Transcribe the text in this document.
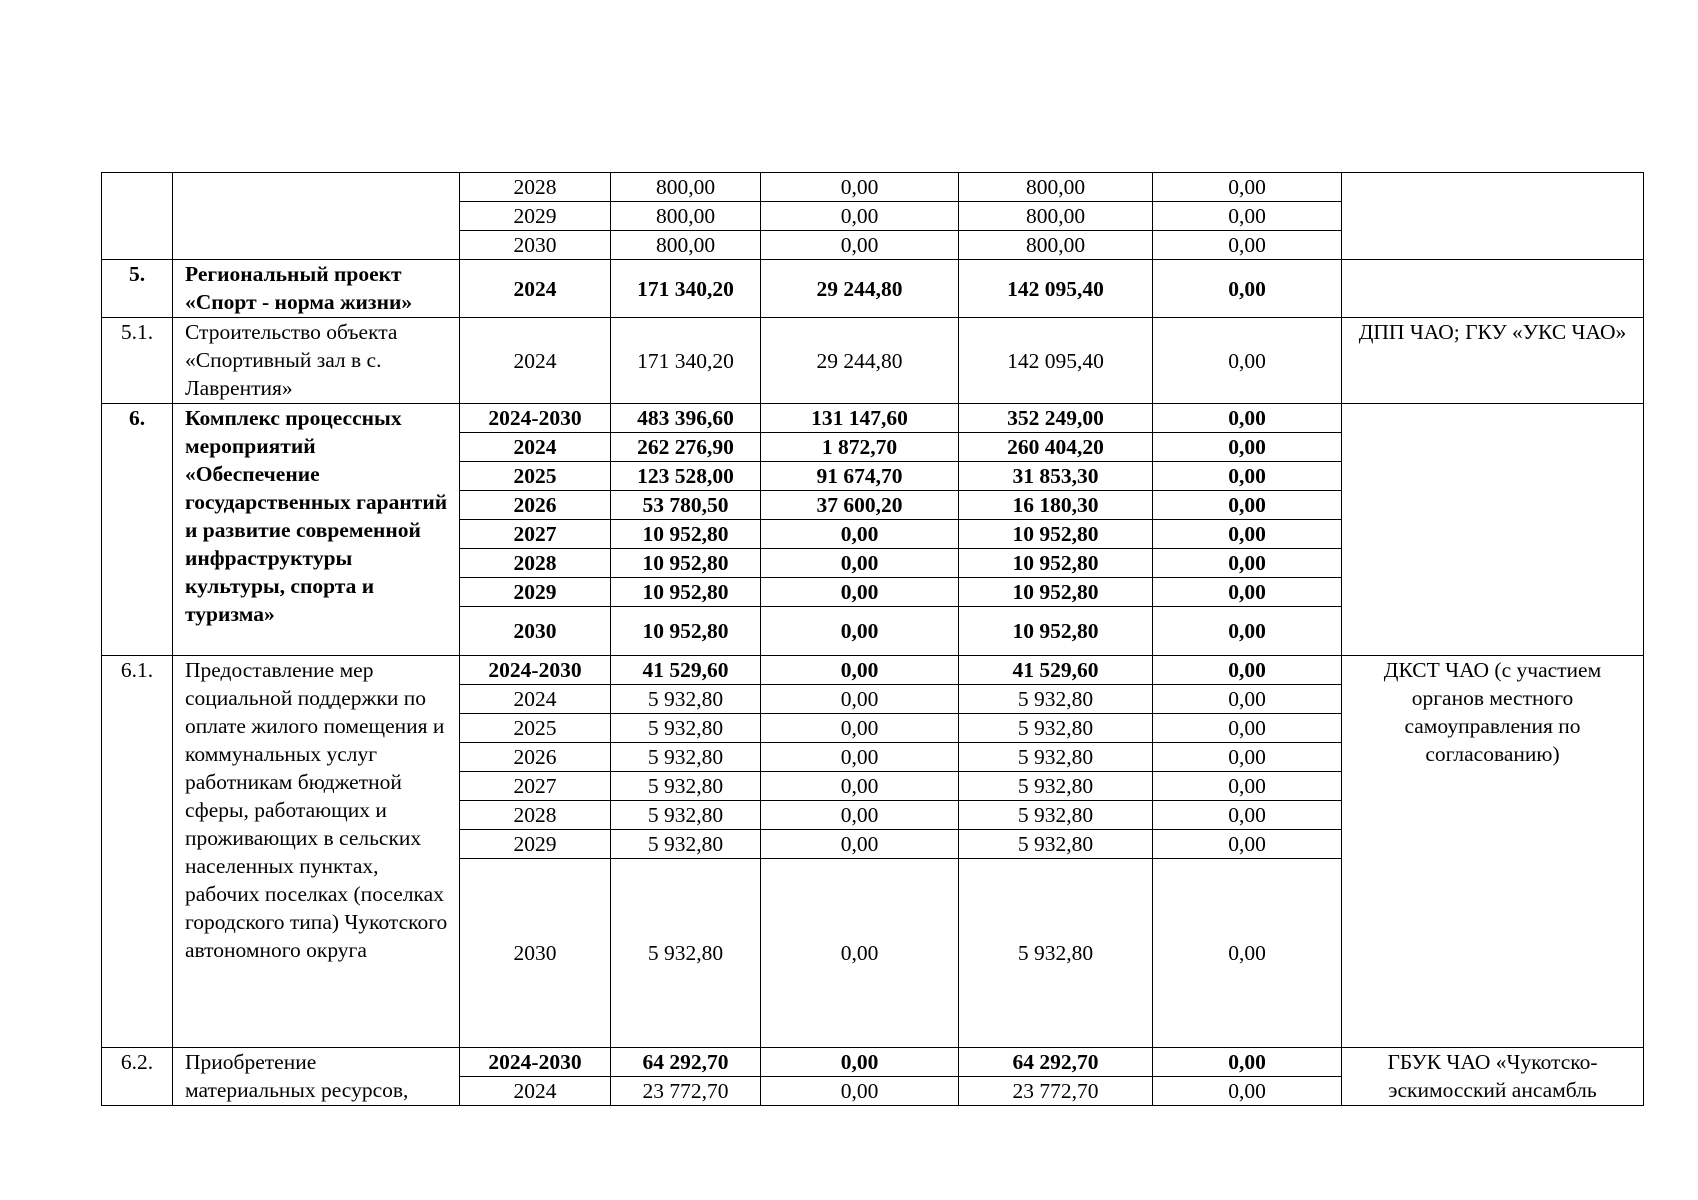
		2028	800,00	0,00	800,00	0,00	
		2029	800,00	0,00	800,00	0,00	
		2030	800,00	0,00	800,00	0,00	
5.	Региональный проект «Спорт - норма жизни»	2024	171 340,20	29 244,80	142 095,40	0,00	
5.1.	Строительство объекта «Спортивный зал в с. Лаврентия»	2024	171 340,20	29 244,80	142 095,40	0,00	ДПП ЧАО; ГКУ «УКС ЧАО»
6.	Комплекс процессных мероприятий «Обеспечение государственных гарантий и развитие современной инфраструктуры культуры, спорта и туризма»	2024-2030	483 396,60	131 147,60	352 249,00	0,00	
		2024	262 276,90	1 872,70	260 404,20	0,00	
		2025	123 528,00	91 674,70	31 853,30	0,00	
		2026	53 780,50	37 600,20	16 180,30	0,00	
		2027	10 952,80	0,00	10 952,80	0,00	
		2028	10 952,80	0,00	10 952,80	0,00	
		2029	10 952,80	0,00	10 952,80	0,00	
		2030	10 952,80	0,00	10 952,80	0,00	
6.1.	Предоставление мер социальной поддержки по оплате жилого помещения и коммунальных услуг работникам бюджетной сферы, работающих и проживающих в сельских населенных пунктах, рабочих поселках (поселках городского типа) Чукотского автономного округа	2024-2030	41 529,60	0,00	41 529,60	0,00	ДКСТ ЧАО (с участием органов местного самоуправления по согласованию)
		2024	5 932,80	0,00	5 932,80	0,00	
		2025	5 932,80	0,00	5 932,80	0,00	
		2026	5 932,80	0,00	5 932,80	0,00	
		2027	5 932,80	0,00	5 932,80	0,00	
		2028	5 932,80	0,00	5 932,80	0,00	
		2029	5 932,80	0,00	5 932,80	0,00	
		2030	5 932,80	0,00	5 932,80	0,00	
6.2.	Приобретение материальных ресурсов,	2024-2030	64 292,70	0,00	64 292,70	0,00	ГБУК ЧАО «Чукотско-эскимосский ансамбль
		2024	23 772,70	0,00	23 772,70	0,00	
